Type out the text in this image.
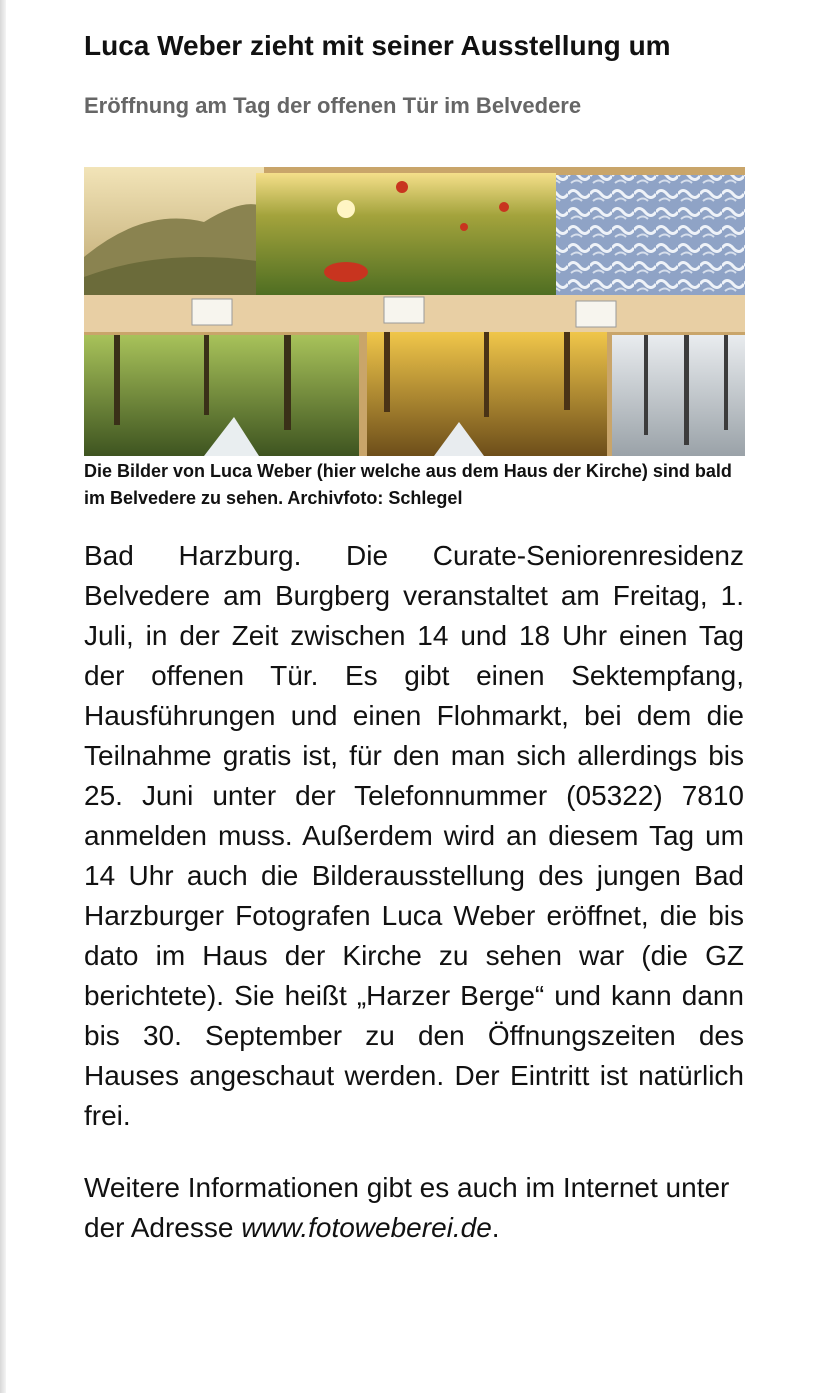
Luca Weber zieht mit seiner Ausstellung um
Eröffnung am Tag der offenen Tür im Belvedere

Die Bilder von Luca Weber (hier welche aus dem Haus der Kirche) sind bald im Belvedere zu sehen. Archivfoto: Schlegel

Bad Harzburg. Die Curate-Seniorenresidenz Belvedere am Burgberg veranstaltet am Freitag, 1. Juli, in der Zeit zwischen 14 und 18 Uhr einen Tag der offenen Tür. Es gibt einen Sektempfang, Hausführungen und einen Flohmarkt, bei dem die Teilnahme gratis ist, für den man sich allerdings bis 25. Juni unter der Telefonnummer (05322) 7810 anmelden muss. Außerdem wird an diesem Tag um 14 Uhr auch die Bilderausstellung des jungen Bad Harzburger Fotografen Luca Weber eröffnet, die bis dato im Haus der Kirche zu sehen war (die GZ berichtete). Sie heißt „Harzer Berge“ und kann dann bis 30. September zu den Öffnungszeiten des Hauses angeschaut werden. Der Eintritt ist natürlich frei.

Weitere Informationen gibt es auch im Internet unter der Adresse www.fotoweberei.de.
